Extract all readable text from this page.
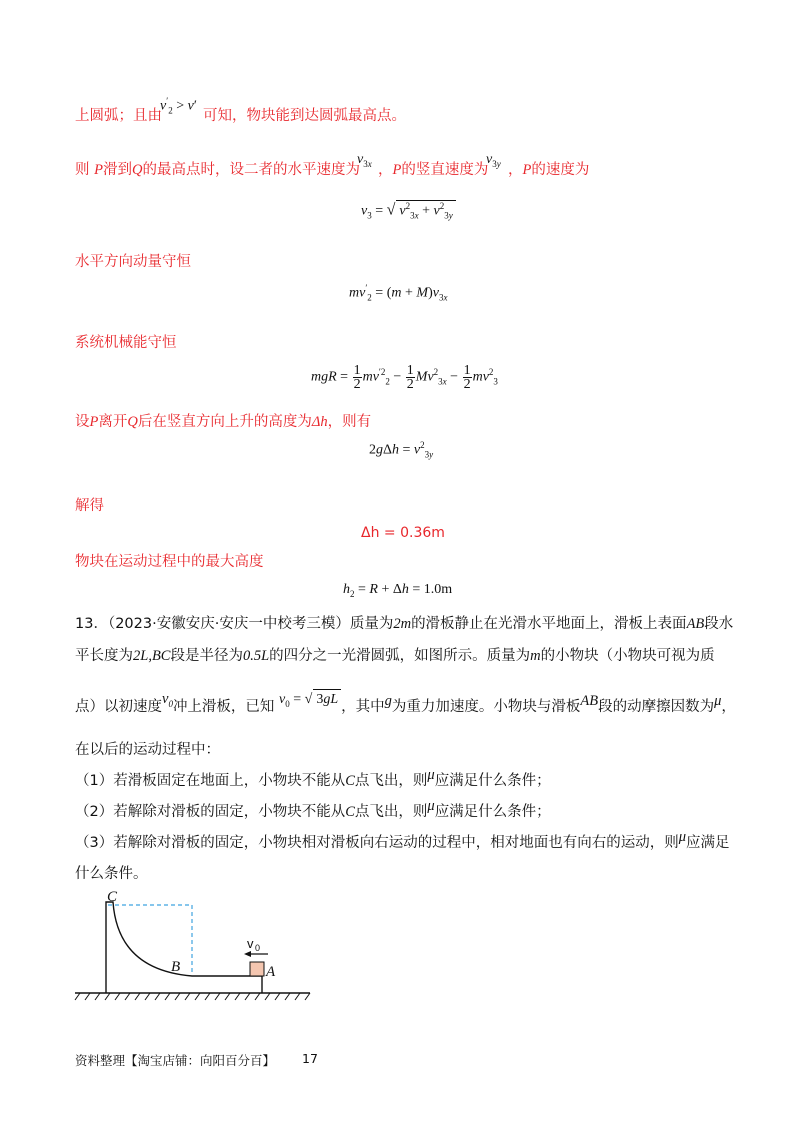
上圆弧；且由
$v'_2 > v'$
可知，物块能到达圆弧最高点。
则 P滑到Q的最高点时，设二者的水平速度为
$v_{3x}$ ，P的竖直速度为
$v_{3y}$ ，P的速度为
$v_3$ = √ $v^2_{3x} + v^2_{3y}$
水平方向动量守恒
$mv'_2 = (m + M)v_{3x}$
系统机械能守恒
mgR = $\frac{1}{2} mv^{'2}_2 - \frac{1}{2} Mv^2_{3x} - \frac{1}{2} mv^2_3$
设P离开Q后在竖直方向上升的高度为Δh，则有
$2g\Delta h = v^2_{3y}$
解得
Δh = 0.36m
物块在运动过程中的最大高度
$h_2 = R + \Delta h = 1.0m$
13．（2023·安徽安庆·安庆一中校考三模）质量为2m的滑板静止在光滑水平地面上，滑板上表面AB段水
平长度为2L,BC段是半径为0.5L的四分之一光滑圆弧，如图所示。质量为m的小物块（小物块可视为质
点）以初速度$v_0$冲上滑板，已知 $v_0$ = √ 3gL ，其中g为重力加速度。小物块与滑板AB段的动摩擦因数为μ，
在以后的运动过程中：
（1）若滑板固定在地面上，小物块不能从C点飞出，则μ应满足什么条件；
（2）若解除对滑板的固定，小物块不能从C点飞出，则μ应满足什么条件；
（3）若解除对滑板的固定，小物块相对滑板向右运动的过程中，相对地面也有向右的运动，则μ应满足
什么条件。
C
B	A
v 0
资料整理【淘宝店铺：向阳百分百】 17
